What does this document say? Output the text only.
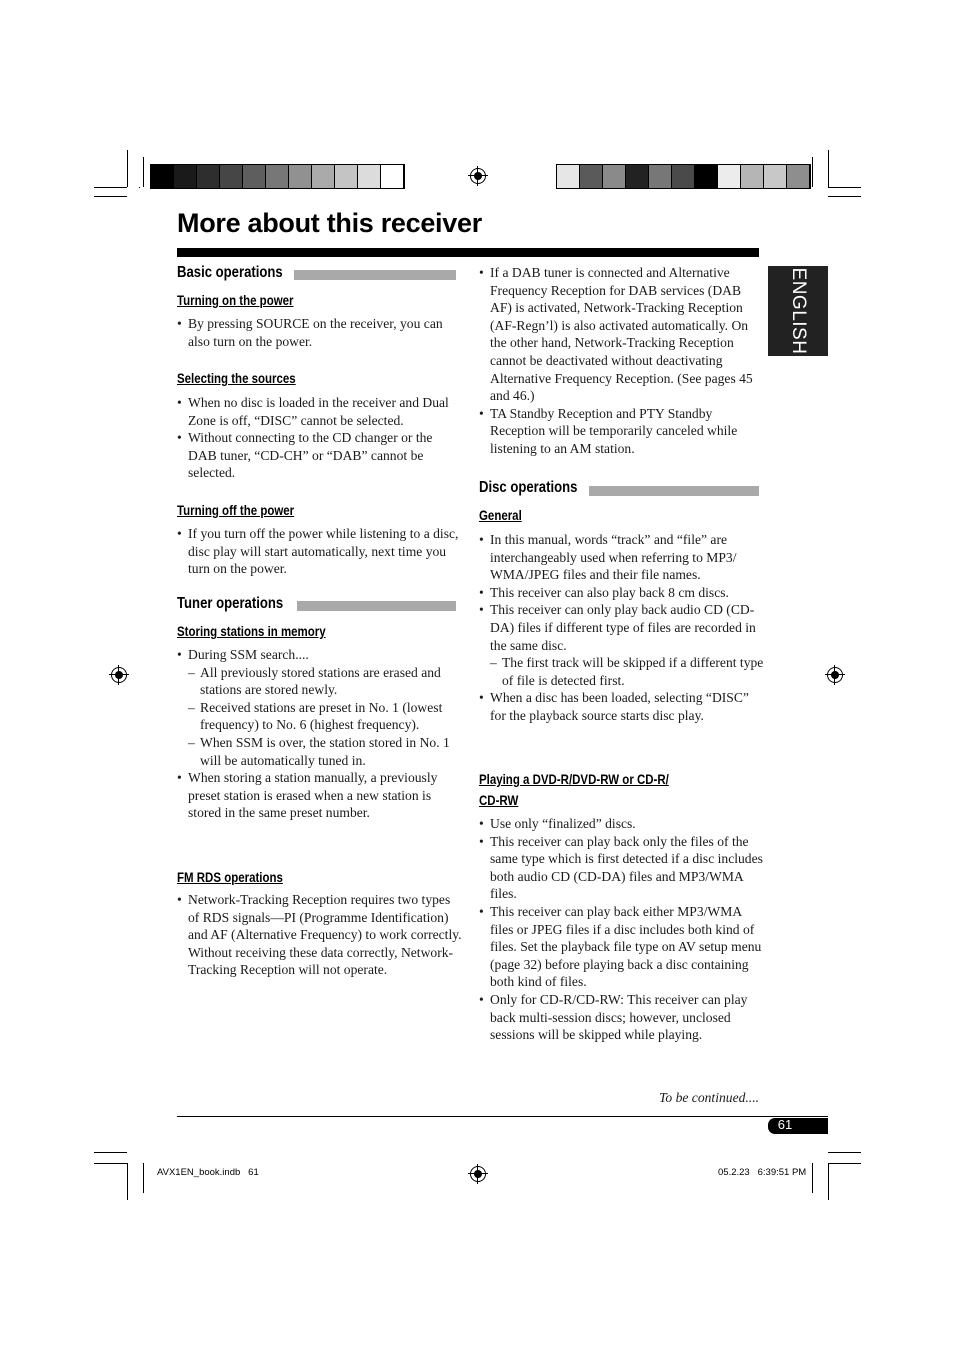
More about this receiver
ENGLISH
Basic operations
Turning on the power
• By pressing SOURCE on the receiver, you can also turn on the power.
Selecting the sources
• When no disc is loaded in the receiver and Dual Zone is off, “DISC” cannot be selected.
• Without connecting to the CD changer or the DAB tuner, “CD-CH” or “DAB” cannot be selected.
Turning off the power
• If you turn off the power while listening to a disc, disc play will start automatically, next time you turn on the power.
Tuner operations
Storing stations in memory
• During SSM search....
– All previously stored stations are erased and stations are stored newly.
– Received stations are preset in No. 1 (lowest frequency) to No. 6 (highest frequency).
– When SSM is over, the station stored in No. 1 will be automatically tuned in.
• When storing a station manually, a previously preset station is erased when a new station is stored in the same preset number.
FM RDS operations
• Network-Tracking Reception requires two types of RDS signals—PI (Programme Identification) and AF (Alternative Frequency) to work correctly. Without receiving these data correctly, Network-Tracking Reception will not operate.
• If a DAB tuner is connected and Alternative Frequency Reception for DAB services (DAB AF) is activated, Network-Tracking Reception (AF-Regn’l) is also activated automatically. On the other hand, Network-Tracking Reception cannot be deactivated without deactivating Alternative Frequency Reception. (See pages 45 and 46.)
• TA Standby Reception and PTY Standby Reception will be temporarily canceled while listening to an AM station.
Disc operations
General
• In this manual, words “track” and “file” are interchangeably used when referring to MP3/ WMA/JPEG files and their file names.
• This receiver can also play back 8 cm discs.
• This receiver can only play back audio CD (CD-DA) files if different type of files are recorded in the same disc.
– The first track will be skipped if a different type of file is detected first.
• When a disc has been loaded, selecting “DISC” for the playback source starts disc play.
Playing a DVD-R/DVD-RW or CD-R/
CD-RW
• Use only “finalized” discs.
• This receiver can play back only the files of the same type which is first detected if a disc includes both audio CD (CD-DA) files and MP3/WMA files.
• This receiver can play back either MP3/WMA files or JPEG files if a disc includes both kind of files. Set the playback file type on AV setup menu (page 32) before playing back a disc containing both kind of files.
• Only for CD-R/CD-RW: This receiver can play back multi-session discs; however, unclosed sessions will be skipped while playing.
To be continued....
61
AVX1EN_book.indb   61	05.2.23   6:39:51 PM
